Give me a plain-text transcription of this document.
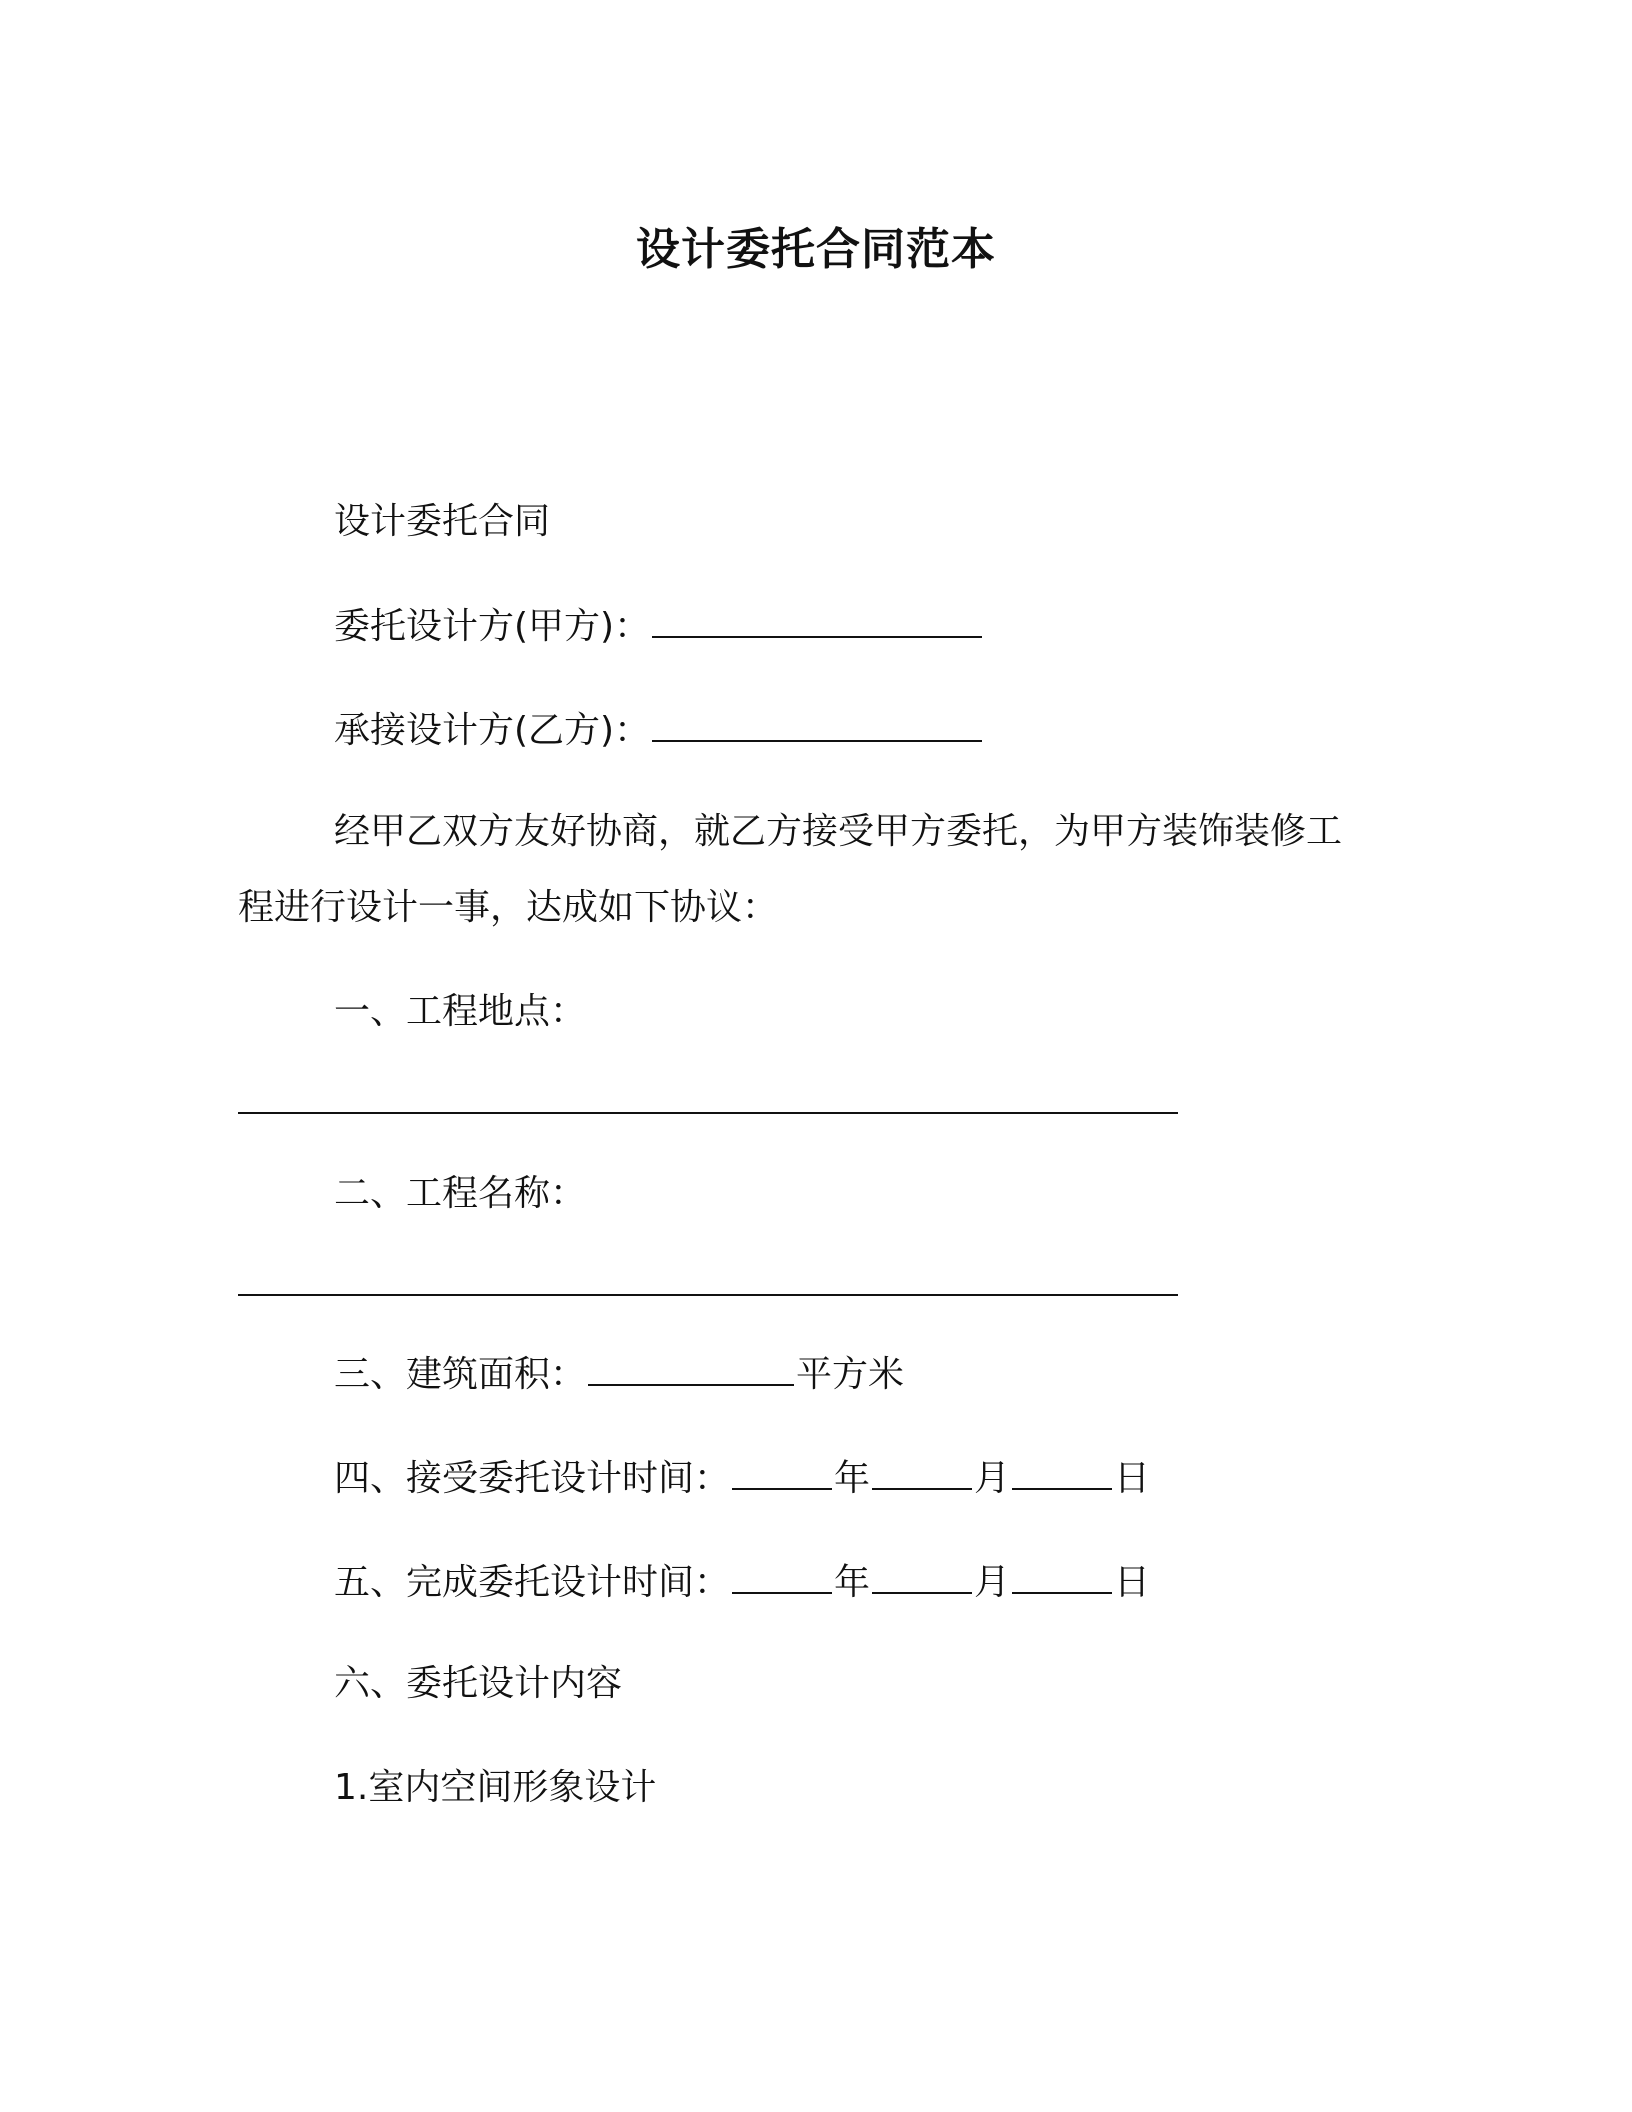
设计委托合同范本
设计委托合同
委托设计方(甲方)：
承接设计方(乙方)：
经甲乙双方友好协商，就乙方接受甲方委托，为甲方装饰装修工
程进行设计一事，达成如下协议：
一、工程地点：
二、工程名称：
三、建筑面积：	平方米
四、接受委托设计时间：	年	月	日
五、完成委托设计时间：	年	月	日
六、委托设计内容
1.室内空间形象设计
